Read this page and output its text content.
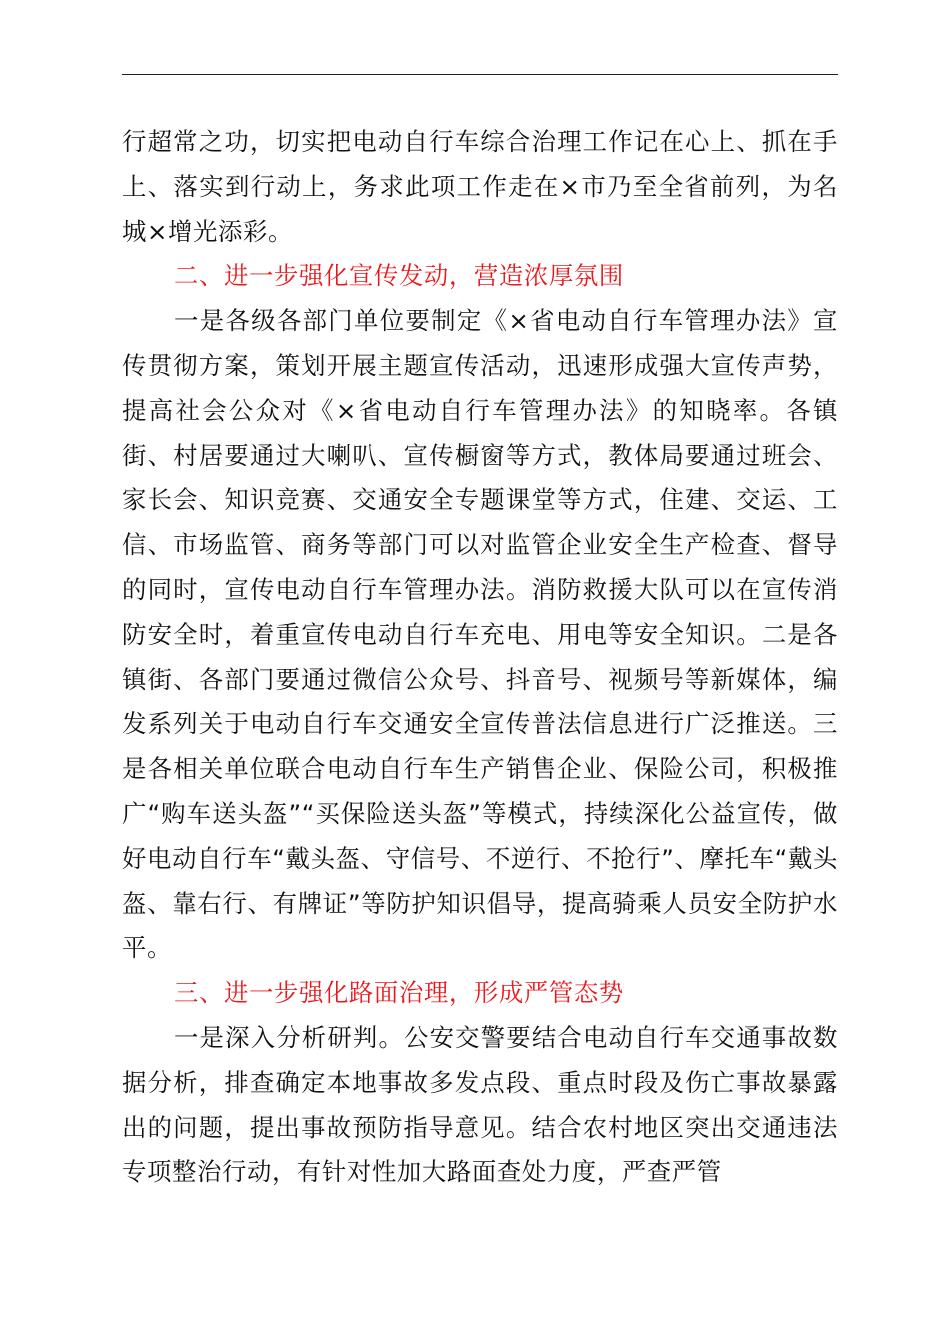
行超常之功，切实把电动自行车综合治理工作记在心上、抓在手上、落实到行动上，务求此项工作走在×市乃至全省前列，为名城×增光添彩。

二、进一步强化宣传发动，营造浓厚氛围

一是各级各部门单位要制定《×省电动自行车管理办法》宣传贯彻方案，策划开展主题宣传活动，迅速形成强大宣传声势，提高社会公众对《×省电动自行车管理办法》的知晓率。各镇街、村居要通过大喇叭、宣传橱窗等方式，教体局要通过班会、家长会、知识竞赛、交通安全专题课堂等方式，住建、交运、工信、市场监管、商务等部门可以对监管企业安全生产检查、督导的同时，宣传电动自行车管理办法。消防救援大队可以在宣传消防安全时，着重宣传电动自行车充电、用电等安全知识。二是各镇街、各部门要通过微信公众号、抖音号、视频号等新媒体，编发系列关于电动自行车交通安全宣传普法信息进行广泛推送。三是各相关单位联合电动自行车生产销售企业、保险公司，积极推广“购车送头盔”“买保险送头盔”等模式，持续深化公益宣传，做好电动自行车“戴头盔、守信号、不逆行、不抢行”、摩托车“戴头盔、靠右行、有牌证”等防护知识倡导，提高骑乘人员安全防护水平。

三、进一步强化路面治理，形成严管态势

一是深入分析研判。公安交警要结合电动自行车交通事故数据分析，排查确定本地事故多发点段、重点时段及伤亡事故暴露出的问题，提出事故预防指导意见。结合农村地区突出交通违法专项整治行动，有针对性加大路面查处力度，严查严管
